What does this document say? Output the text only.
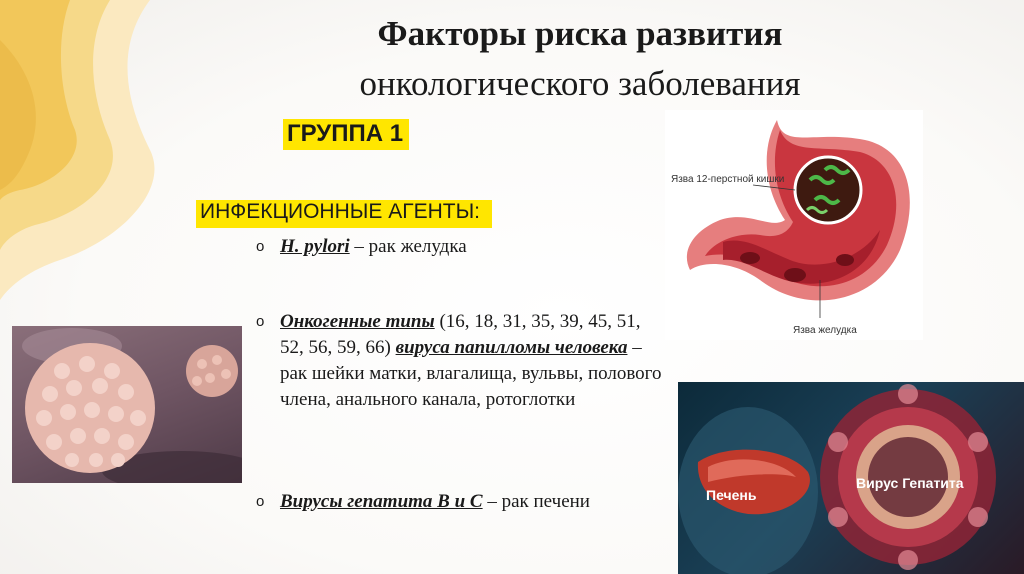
Факторы риска развития
онкологического заболевания
ГРУППА 1
ИНФЕКЦИОННЫЕ АГЕНТЫ:
o H. pylori – рак желудка
o Онкогенные типы (16, 18, 31, 35, 39, 45, 51, 52, 56, 59, 66) вируса папилломы человека – рак шейки матки, влагалища, вульвы, полового члена, анального канала, ротоглотки
o Вирусы гепатита В и С – рак печени
Язва 12-перстной кишки
Язва желудка
Печень
Вирус Гепатита
